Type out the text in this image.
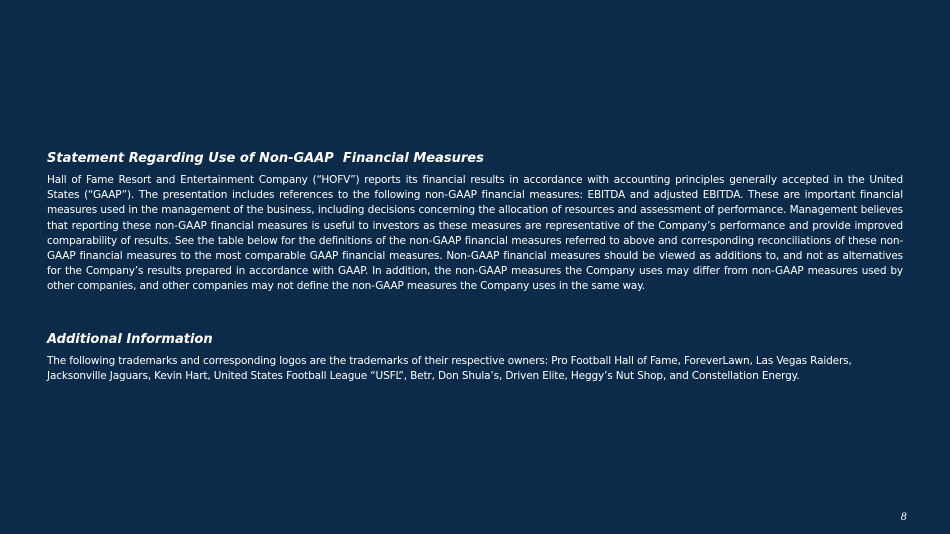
Statement Regarding Use of Non-GAAP  Financial Measures

Hall of Fame Resort and Entertainment Company (“HOFV”) reports its financial results in accordance with accounting principles generally accepted in the United States (“GAAP”). The presentation includes references to the following non-GAAP financial measures: EBITDA and adjusted EBITDA. These are important financial measures used in the management of the business, including decisions concerning the allocation of resources and assessment of performance. Management believes that reporting these non-GAAP financial measures is useful to investors as these measures are representative of the Company’s performance and provide improved comparability of results. See the table below for the definitions of the non-GAAP financial measures referred to above and corresponding reconciliations of these non-GAAP financial measures to the most comparable GAAP financial measures. Non-GAAP financial measures should be viewed as additions to, and not as alternatives for the Company’s results prepared in accordance with GAAP. In addition, the non-GAAP measures the Company uses may differ from non-GAAP measures used by other companies, and other companies may not define the non-GAAP measures the Company uses in the same way.

Additional Information

The following trademarks and corresponding logos are the trademarks of their respective owners: Pro Football Hall of Fame, ForeverLawn, Las Vegas Raiders, Jacksonville Jaguars, Kevin Hart, United States Football League “USFL”, Betr, Don Shula’s, Driven Elite, Heggy’s Nut Shop, and Constellation Energy.

8
